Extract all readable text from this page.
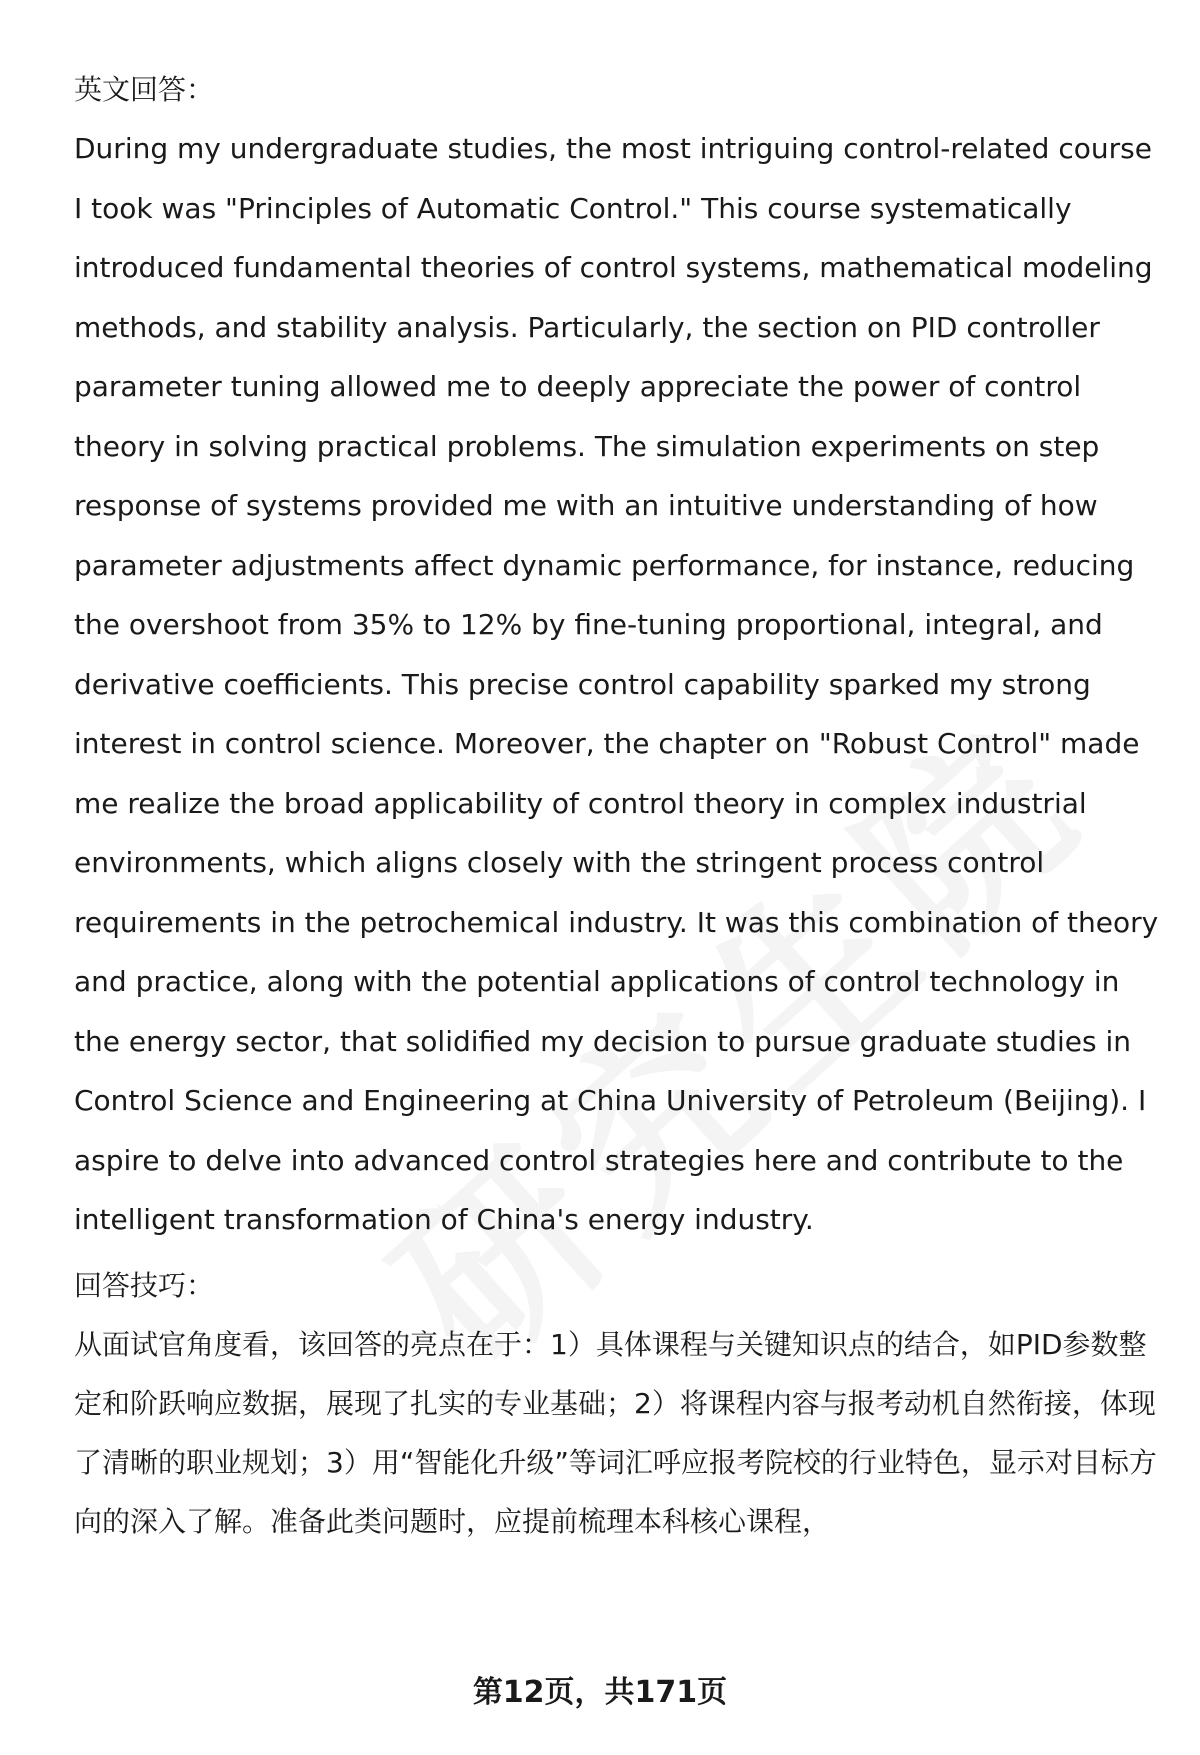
英文回答：

During my undergraduate studies, the most intriguing control-related course I took was "Principles of Automatic Control." This course systematically introduced fundamental theories of control systems, mathematical modeling methods, and stability analysis. Particularly, the section on PID controller parameter tuning allowed me to deeply appreciate the power of control theory in solving practical problems. The simulation experiments on step response of systems provided me with an intuitive understanding of how parameter adjustments affect dynamic performance, for instance, reducing the overshoot from 35% to 12% by fine-tuning proportional, integral, and derivative coefficients. This precise control capability sparked my strong interest in control science. Moreover, the chapter on "Robust Control" made me realize the broad applicability of control theory in complex industrial environments, which aligns closely with the stringent process control requirements in the petrochemical industry. It was this combination of theory and practice, along with the potential applications of control technology in the energy sector, that solidified my decision to pursue graduate studies in Control Science and Engineering at China University of Petroleum (Beijing). I aspire to delve into advanced control strategies here and contribute to the intelligent transformation of China's energy industry.

回答技巧：

从面试官角度看，该回答的亮点在于：1）具体课程与关键知识点的结合，如PID参数整定和阶跃响应数据，展现了扎实的专业基础；2）将课程内容与报考动机自然衔接，体现了清晰的职业规划；3）用“智能化升级”等词汇呼应报考院校的行业特色，显示对目标方向的深入了解。准备此类问题时，应提前梳理本科核心课程，

第12页，共171页
